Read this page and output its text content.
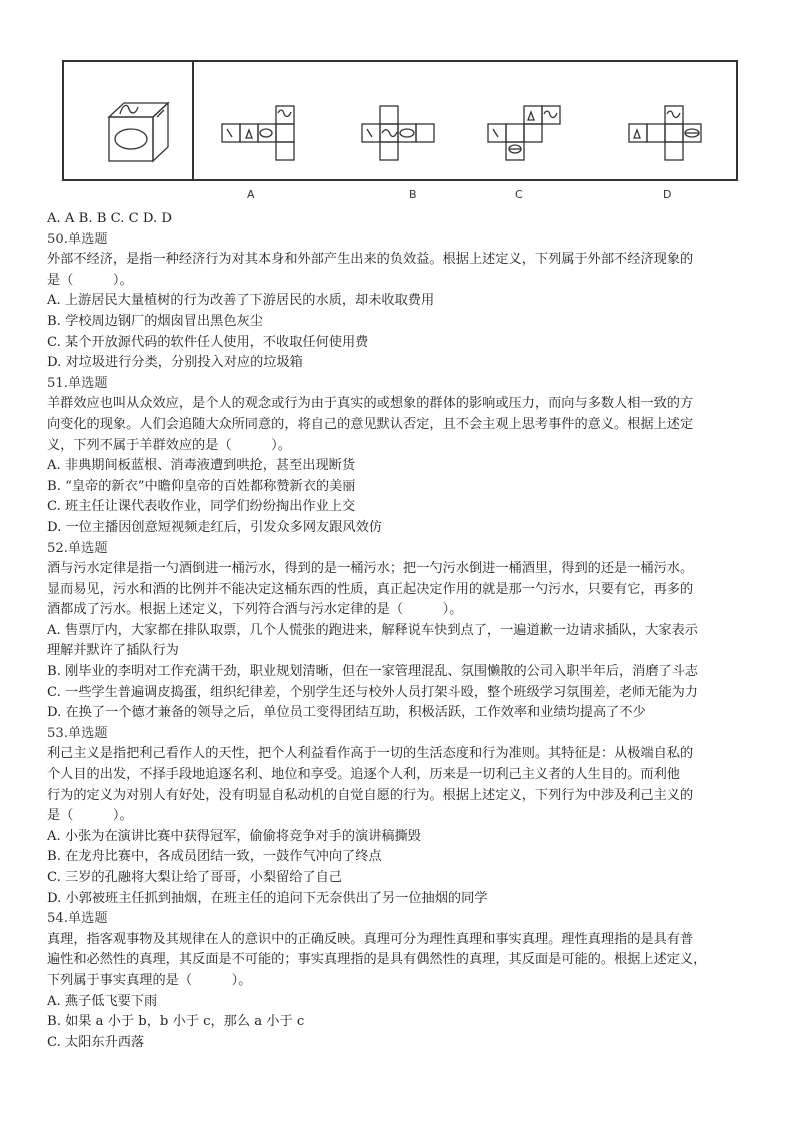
A	B	C	D
A. A B. B C. C D. D
50.单选题
外部不经济，是指一种经济行为对其本身和外部产生出来的负效益。根据上述定义，下列属于外部不经济现象的
是（　　　）。
A. 上游居民大量植树的行为改善了下游居民的水质，却未收取费用
B. 学校周边钢厂的烟囱冒出黑色灰尘
C. 某个开放源代码的软件任人使用，不收取任何使用费
D. 对垃圾进行分类，分别投入对应的垃圾箱
51.单选题
羊群效应也叫从众效应，是个人的观念或行为由于真实的或想象的群体的影响或压力，而向与多数人相一致的方
向变化的现象。人们会追随大众所同意的，将自己的意见默认否定，且不会主观上思考事件的意义。根据上述定
义，下列不属于羊群效应的是（　　　）。
A. 非典期间板蓝根、消毒液遭到哄抢，甚至出现断货
B. “皇帝的新衣”中瞻仰皇帝的百姓都称赞新衣的美丽
C. 班主任让课代表收作业，同学们纷纷掏出作业上交
D. 一位主播因创意短视频走红后，引发众多网友跟风效仿
52.单选题
酒与污水定律是指一勺酒倒进一桶污水，得到的是一桶污水；把一勺污水倒进一桶酒里，得到的还是一桶污水。
显而易见，污水和酒的比例并不能决定这桶东西的性质，真正起决定作用的就是那一勺污水，只要有它，再多的
酒都成了污水。根据上述定义，下列符合酒与污水定律的是（　　　）。
A. 售票厅内，大家都在排队取票，几个人慌张的跑进来，解释说车快到点了，一遍道歉一边请求插队，大家表示
理解并默许了插队行为
B. 刚毕业的李明对工作充满干劲，职业规划清晰，但在一家管理混乱、氛围懒散的公司入职半年后，消磨了斗志
C. 一些学生普遍调皮捣蛋，组织纪律差，个别学生还与校外人员打架斗殴，整个班级学习氛围差，老师无能为力
D. 在换了一个德才兼备的领导之后，单位员工变得团结互助，积极活跃，工作效率和业绩均提高了不少
53.单选题
利己主义是指把利己看作人的天性，把个人利益看作高于一切的生活态度和行为准则。其特征是：从极端自私的
个人目的出发，不择手段地追逐名利、地位和享受。追逐个人利，历来是一切利己主义者的人生目的。而利他
行为的定义为对别人有好处，没有明显自私动机的自觉自愿的行为。根据上述定义，下列行为中涉及利己主义的
是（　　　）。
A. 小张为在演讲比赛中获得冠军，偷偷将竞争对手的演讲稿撕毁
B. 在龙舟比赛中，各成员团结一致，一鼓作气冲向了终点
C. 三岁的孔融将大梨让给了哥哥，小梨留给了自己
D. 小郭被班主任抓到抽烟，在班主任的追问下无奈供出了另一位抽烟的同学
54.单选题
真理，指客观事物及其规律在人的意识中的正确反映。真理可分为理性真理和事实真理。理性真理指的是具有普
遍性和必然性的真理，其反面是不可能的；事实真理指的是具有偶然性的真理，其反面是可能的。根据上述定义，
下列属于事实真理的是（　　　）。
A. 燕子低飞要下雨
B. 如果 a 小于 b，b 小于 c，那么 a 小于 c
C. 太阳东升西落
